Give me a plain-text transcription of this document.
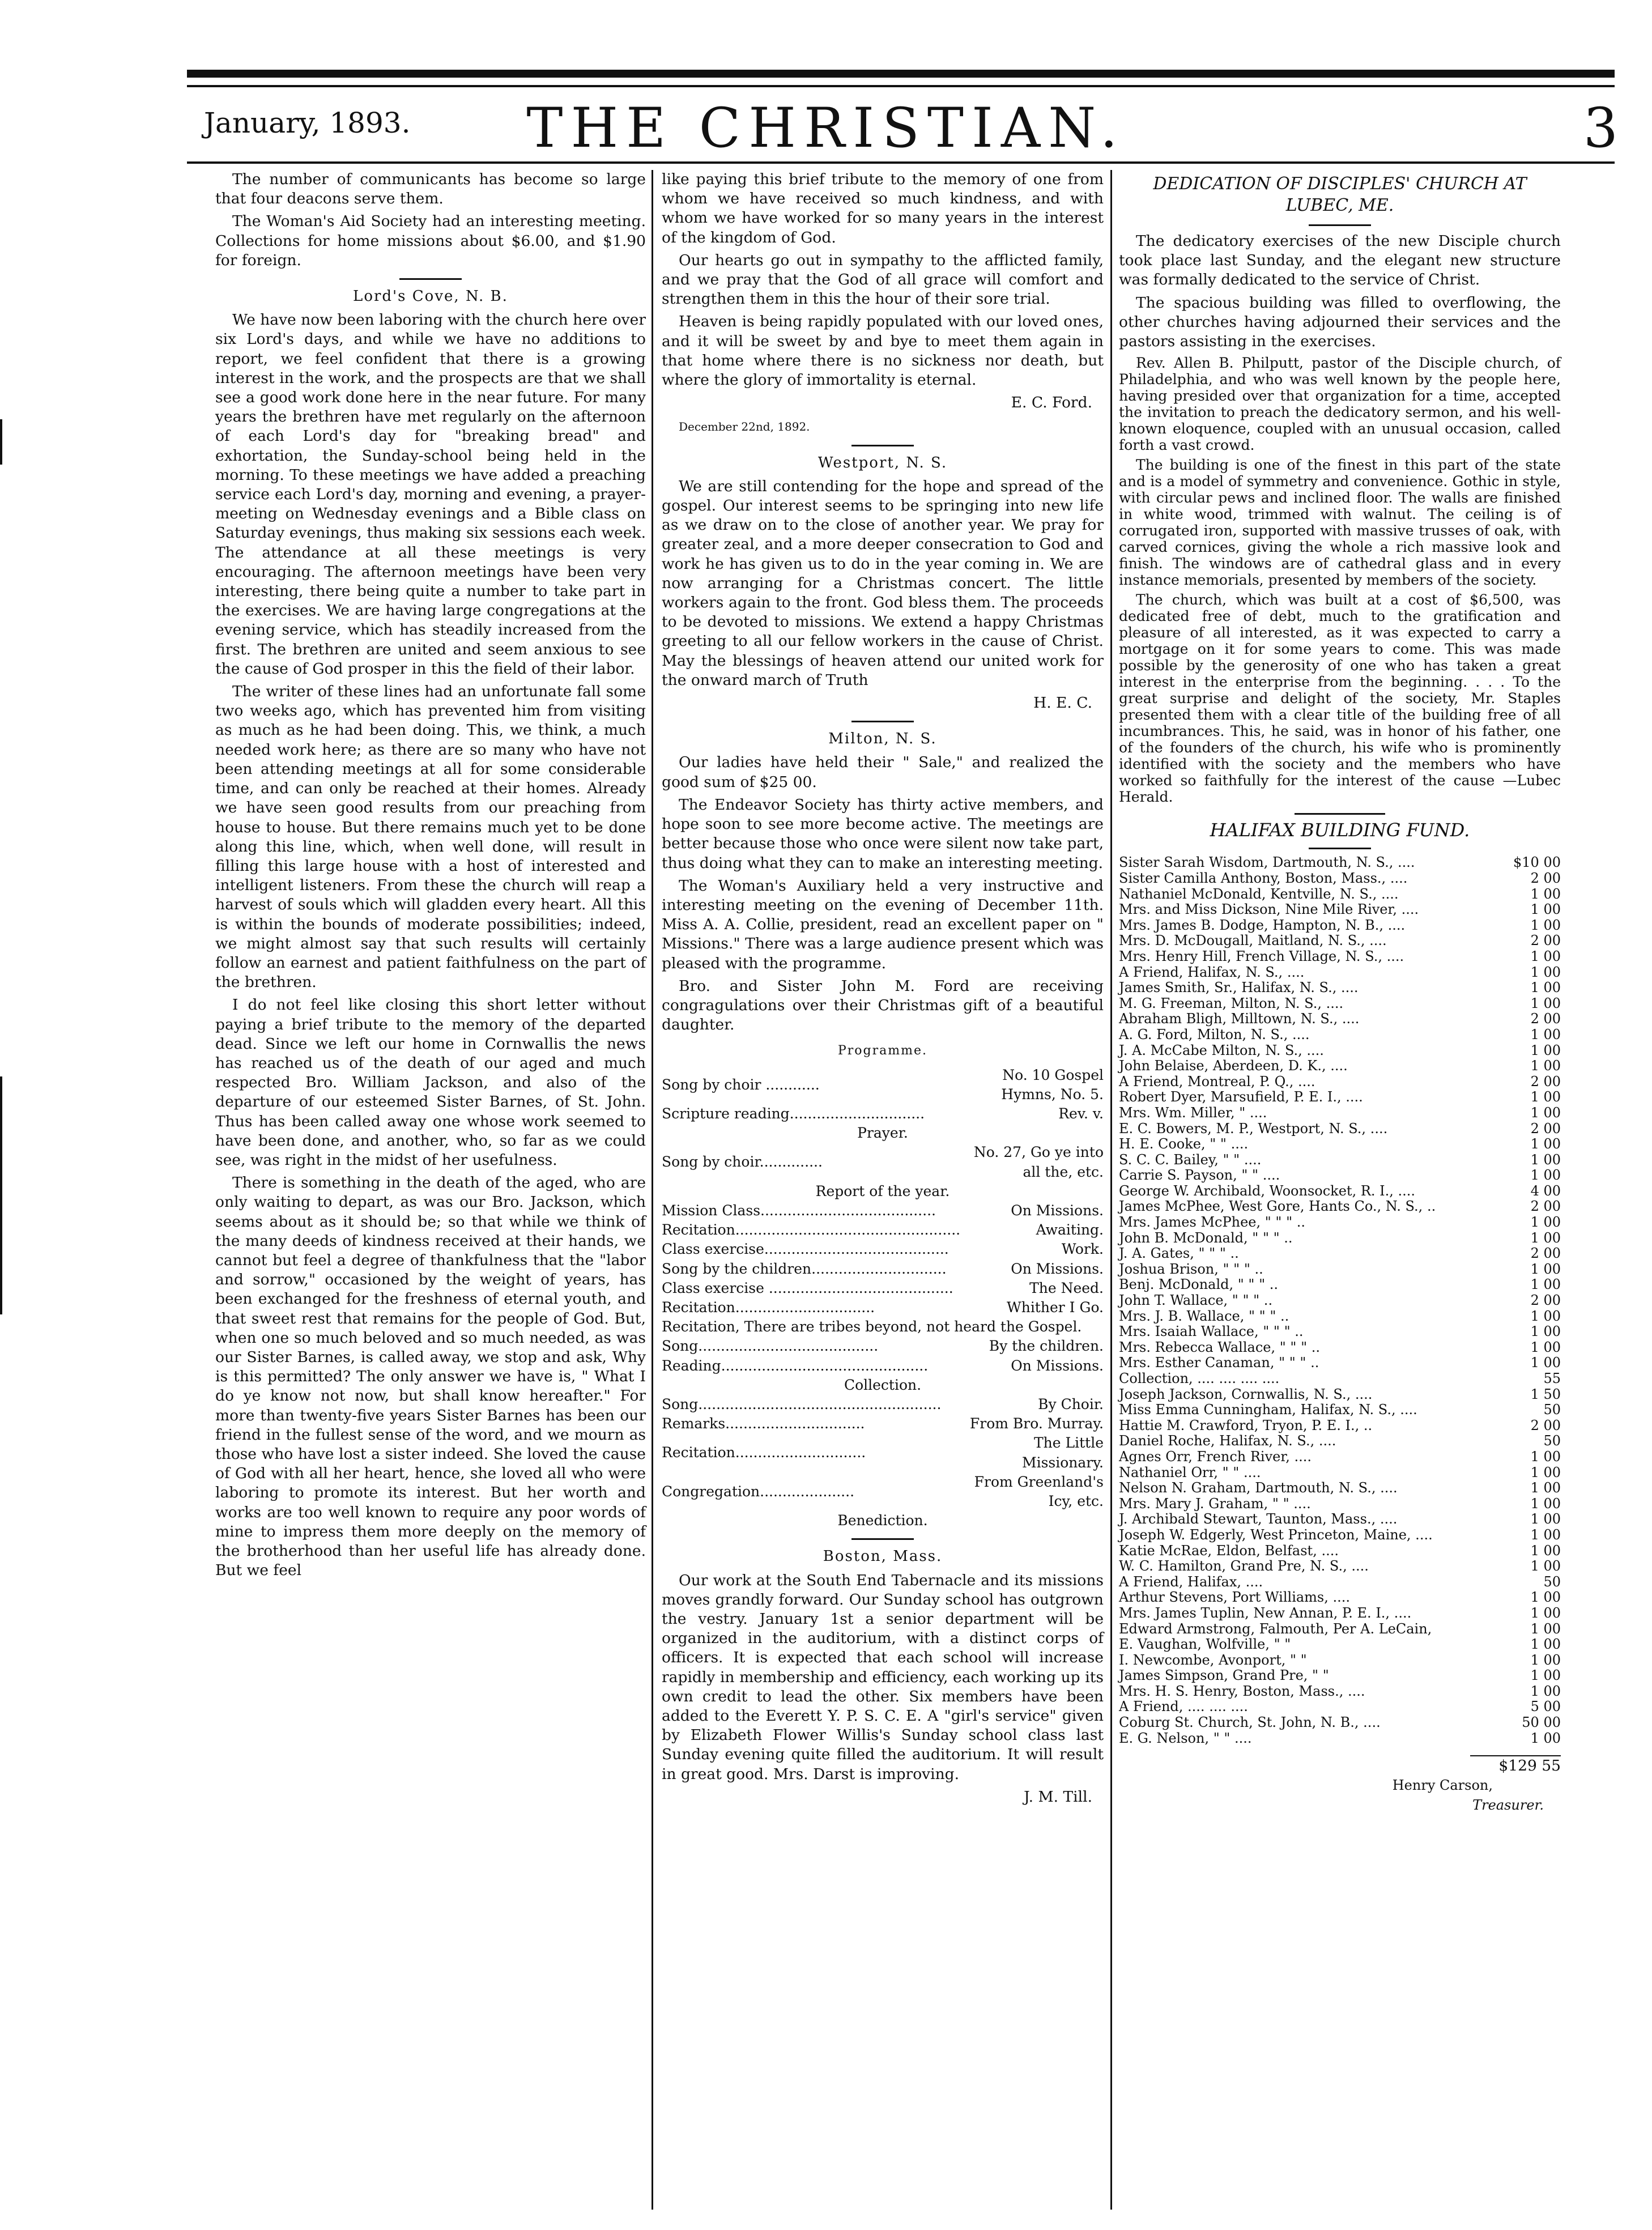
January, 1893.	THE CHRISTIAN.	3

The number of communicants has become so large that four deacons serve them.

The Woman's Aid Society had an interesting meeting. Collections for home missions about $6.00, and $1.90 for foreign.

Lord's Cove, N. B.

We have now been laboring with the church here over six Lord's days, and while we have no additions to report, we feel confident that there is a growing interest in the work, and the prospects are that we shall see a good work done here in the near future. For many years the brethren have met regularly on the afternoon of each Lord's day for "breaking bread" and exhortation, the Sunday-school being held in the morning. To these meetings we have added a preaching service each Lord's day, morning and evening, a prayer-meeting on Wednesday evenings and a Bible class on Saturday evenings, thus making six sessions each week. The attendance at all these meetings is very encouraging. The afternoon meetings have been very interesting, there being quite a number to take part in the exercises. We are having large congregations at the evening service, which has steadily increased from the first. The brethren are united and seem anxious to see the cause of God prosper in this the field of their labor.

The writer of these lines had an unfortunate fall some two weeks ago, which has prevented him from visiting as much as he had been doing. This, we think, a much needed work here; as there are so many who have not been attending meetings at all for some considerable time, and can only be reached at their homes. Already we have seen good results from our preaching from house to house. But there remains much yet to be done along this line, which, when well done, will result in filling this large house with a host of interested and intelligent listeners. From these the church will reap a harvest of souls which will gladden every heart. All this is within the bounds of moderate possibilities; indeed, we might almost say that such results will certainly follow an earnest and patient faithfulness on the part of the brethren.

I do not feel like closing this short letter without paying a brief tribute to the memory of the departed dead. Since we left our home in Cornwallis the news has reached us of the death of our aged and much respected Bro. William Jackson, and also of the departure of our esteemed Sister Barnes, of St. John. Thus has been called away one whose work seemed to have been done, and another, who, so far as we could see, was right in the midst of her usefulness.

There is something in the death of the aged, who are only waiting to depart, as was our Bro. Jackson, which seems about as it should be; so that while we think of the many deeds of kindness received at their hands, we cannot but feel a degree of thankfulness that the "labor and sorrow," occasioned by the weight of years, has been exchanged for the freshness of eternal youth, and that sweet rest that remains for the people of God. But, when one so much beloved and so much needed, as was our Sister Barnes, is called away, we stop and ask, Why is this permitted? The only answer we have is, " What I do ye know not now, but shall know hereafter." For more than twenty-five years Sister Barnes has been our friend in the fullest sense of the word, and we mourn as those who have lost a sister indeed. She loved the cause of God with all her heart, hence, she loved all who were laboring to promote its interest. But her worth and works are too well known to require any poor words of mine to impress them more deeply on the memory of the brotherhood than her useful life has already done. But we feel

like paying this brief tribute to the memory of one from whom we have received so much kindness, and with whom we have worked for so many years in the interest of the kingdom of God.

Our hearts go out in sympathy to the afflicted family, and we pray that the God of all grace will comfort and strengthen them in this the hour of their sore trial.

Heaven is being rapidly populated with our loved ones, and it will be sweet by and bye to meet them again in that home where there is no sickness nor death, but where the glory of immortality is eternal.

E. C. Ford.
December 22nd, 1892.
Westport, N. S.

We are still contending for the hope and spread of the gospel. Our interest seems to be springing into new life as we draw on to the close of another year. We pray for greater zeal, and a more deeper consecration to God and work he has given us to do in the year coming in. We are now arranging for a Christmas concert. The little workers again to the front. God bless them. The proceeds to be devoted to missions. We extend a happy Christmas greeting to all our fellow workers in the cause of Christ. May the blessings of heaven attend our united work for the onward march of Truth

H. E. C.
Milton, N. S.

Our ladies have held their " Sale," and realized the good sum of $25 00.

The Endeavor Society has thirty active members, and hope soon to see more become active. The meetings are better because those who once were silent now take part, thus doing what they can to make an interesting meeting.

The Woman's Auxiliary held a very instructive and interesting meeting on the evening of December 11th. Miss A. A. Collie, president, read an excellent paper on " Missions." There was a large audience present which was pleased with the programme.

Bro. and Sister John M. Ford are receiving congragulations over their Christmas gift of a beautiful daughter.

Programme.
Song by choir ............	No. 10 Gospel Hymns, No. 5.
Scripture reading..............................	Rev. v.
Prayer.	
Song by choir..............	No. 27, Go ye into all the, etc.
Report of the year.	
Mission Class.......................................	On Missions.
Recitation..................................................	Awaiting.
Class exercise.........................................	Work.
Song by the children..............................	On Missions.
Class exercise .........................................	The Need.
Recitation...............................	Whither I Go.
Recitation, There are tribes beyond, not heard the Gospel.	
Song........................................	By the children.
Reading..............................................	On Missions.
Collection.	
Song......................................................	By Choir.
Remarks...............................	From Bro. Murray.
Recitation.............................	The Little Missionary.
Congregation.....................	From Greenland's Icy, etc.
Benediction.	
Boston, Mass.

Our work at the South End Tabernacle and its missions moves grandly forward. Our Sunday school has outgrown the vestry. January 1st a senior department will be organized in the auditorium, with a distinct corps of officers. It is expected that each school will increase rapidly in membership and efficiency, each working up its own credit to lead the other. Six members have been added to the Everett Y. P. S. C. E. A "girl's service" given by Elizabeth Flower Willis's Sunday school class last Sunday evening quite filled the auditorium. It will result in great good. Mrs. Darst is improving.

J. M. Till.
DEDICATION OF DISCIPLES' CHURCH AT LUBEC, ME.

The dedicatory exercises of the new Disciple church took place last Sunday, and the elegant new structure was formally dedicated to the service of Christ.

The spacious building was filled to overflowing, the other churches having adjourned their services and the pastors assisting in the exercises.

Rev. Allen B. Philputt, pastor of the Disciple church, of Philadelphia, and who was well known by the people here, having presided over that organization for a time, accepted the invitation to preach the dedicatory sermon, and his well-known eloquence, coupled with an unusual occasion, called forth a vast crowd.

The building is one of the finest in this part of the state and is a model of symmetry and convenience. Gothic in style, with circular pews and inclined floor. The walls are finished in white wood, trimmed with walnut. The ceiling is of corrugated iron, supported with massive trusses of oak, with carved cornices, giving the whole a rich massive look and finish. The windows are of cathedral glass and in every instance memorials, presented by members of the society.

The church, which was built at a cost of $6,500, was dedicated free of debt, much to the gratification and pleasure of all interested, as it was expected to carry a mortgage on it for some years to come. This was made possible by the generosity of one who has taken a great interest in the enterprise from the beginning. . . . To the great surprise and delight of the society, Mr. Staples presented them with a clear title of the building free of all incumbrances. This, he said, was in honor of his father, one of the founders of the church, his wife who is prominently identified with the society and the members who have worked so faithfully for the interest of the cause —Lubec Herald.

HALIFAX BUILDING FUND.
Sister Sarah Wisdom, Dartmouth, N. S., ....	$10 00
Sister Camilla Anthony, Boston, Mass., ....	2 00
Nathaniel McDonald, Kentville, N. S., ....	1 00
Mrs. and Miss Dickson, Nine Mile River, ....	1 00
Mrs. James B. Dodge, Hampton, N. B., ....	1 00
Mrs. D. McDougall, Maitland, N. S., ....	2 00
Mrs. Henry Hill, French Village, N. S., ....	1 00
A Friend, Halifax, N. S., ....	1 00
James Smith, Sr., Halifax, N. S., ....	1 00
M. G. Freeman, Milton, N. S., ....	1 00
Abraham Bligh, Milltown, N. S., ....	2 00
A. G. Ford, Milton, N. S., ....	1 00
J. A. McCabe Milton, N. S., ....	1 00
John Belaise, Aberdeen, D. K., ....	1 00
A Friend, Montreal, P. Q., ....	2 00
Robert Dyer, Marsufield, P. E. I., ....	1 00
Mrs. Wm. Miller, " ....	1 00
E. C. Bowers, M. P., Westport, N. S., ....	2 00
H. E. Cooke, " " ....	1 00
S. C. C. Bailey, " " ....	1 00
Carrie S. Payson, " " ....	1 00
George W. Archibald, Woonsocket, R. I., ....	4 00
James McPhee, West Gore, Hants Co., N. S., ..	2 00
Mrs. James McPhee, " " " ..	1 00
John B. McDonald, " " " ..	1 00
J. A. Gates, " " " ..	2 00
Joshua Brison, " " " ..	1 00
Benj. McDonald, " " " ..	1 00
John T. Wallace, " " " ..	2 00
Mrs. J. B. Wallace, " " " ..	1 00
Mrs. Isaiah Wallace, " " " ..	1 00
Mrs. Rebecca Wallace, " " " ..	1 00
Mrs. Esther Canaman, " " " ..	1 00
Collection, .... .... .... ....	55
Joseph Jackson, Cornwallis, N. S., ....	1 50
Miss Emma Cunningham, Halifax, N. S., ....	50
Hattie M. Crawford, Tryon, P. E. I., ..	2 00
Daniel Roche, Halifax, N. S., ....	50
Agnes Orr, French River, ....	1 00
Nathaniel Orr, " " ....	1 00
Nelson N. Graham, Dartmouth, N. S., ....	1 00
Mrs. Mary J. Graham, " " ....	1 00
J. Archibald Stewart, Taunton, Mass., ....	1 00
Joseph W. Edgerly, West Princeton, Maine, ....	1 00
Katie McRae, Eldon, Belfast, ....	1 00
W. C. Hamilton, Grand Pre, N. S., ....	1 00
A Friend, Halifax, ....	50
Arthur Stevens, Port Williams, ....	1 00
Mrs. James Tuplin, New Annan, P. E. I., ....	1 00
Edward Armstrong, Falmouth, Per A. LeCain,	1 00
E. Vaughan, Wolfville, " "	1 00
I. Newcombe, Avonport, " "	1 00
James Simpson, Grand Pre, " "	1 00
Mrs. H. S. Henry, Boston, Mass., ....	1 00
A Friend, .... .... ....	5 00
Coburg St. Church, St. John, N. B., ....	50 00
E. G. Nelson, " " ....	1 00
$129 55
Henry Carson,
Treasurer.
